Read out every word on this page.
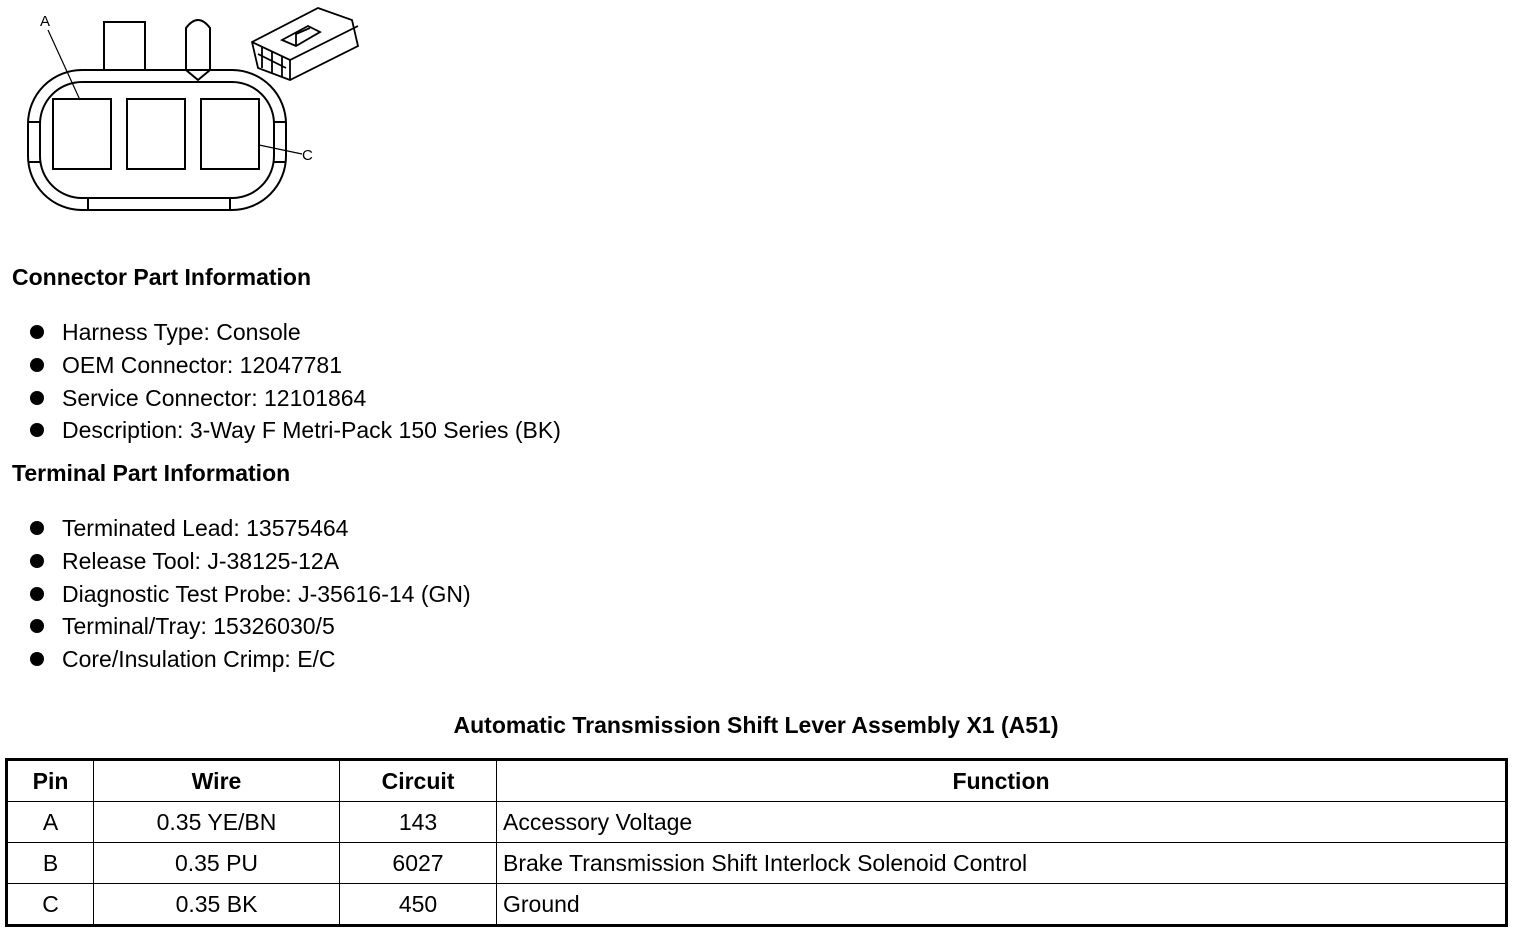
A
C
Connector Part Information
Harness Type: Console
OEM Connector: 12047781
Service Connector: 12101864
Description: 3-Way F Metri-Pack 150 Series (BK)
Terminal Part Information
Terminated Lead: 13575464
Release Tool: J-38125-12A
Diagnostic Test Probe: J-35616-14 (GN)
Terminal/Tray: 15326030/5
Core/Insulation Crimp: E/C
Automatic Transmission Shift Lever Assembly X1 (A51)
Pin	Wire	Circuit	Function
A	0.35 YE/BN	143	Accessory Voltage
B	0.35 PU	6027	Brake Transmission Shift Interlock Solenoid Control
C	0.35 BK	450	Ground
